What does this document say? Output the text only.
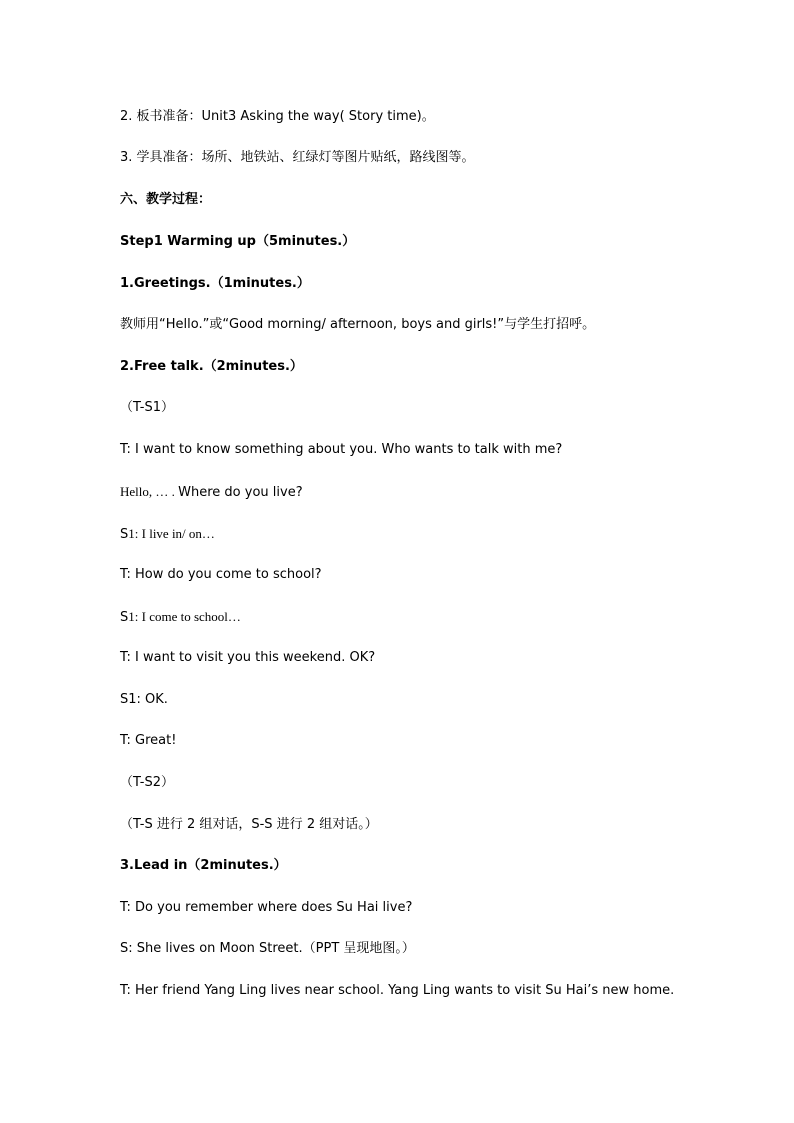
2. 板书准备：Unit3 Asking the way( Story time)。
3. 学具准备：场所、地铁站、红绿灯等图片贴纸，路线图等。
六、教学过程：
Step1 Warming up（5minutes.）
1.Greetings.（1minutes.）
教师用“Hello.”或“Good morning/ afternoon, boys and girls!”与学生打招呼。
2.Free talk.（2minutes.）
（T-S1）
T: I want to know something about you. Who wants to talk with me?
Hello, … . Where do you live?
S1: I live in/ on…
T: How do you come to school?
S1: I come to school…
T: I want to visit you this weekend. OK?
S1: OK.
T: Great!
（T-S2）
（T-S 进行 2 组对话，S-S 进行 2 组对话。）
3.Lead in（2minutes.）
T: Do you remember where does Su Hai live?
S: She lives on Moon Street.（PPT 呈现地图。）
T: Her friend Yang Ling lives near school. Yang Ling wants to visit Su Hai’s new home.
